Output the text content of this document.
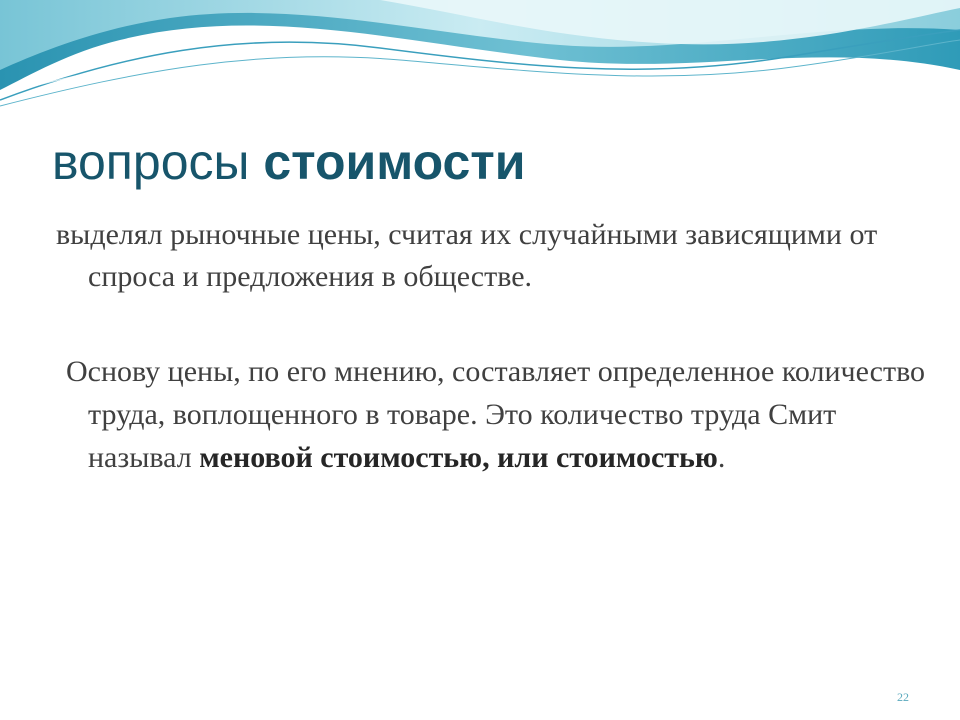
вопросы стоимости

выделял рыночные цены, считая их случайными зависящими от спроса и предложения в обществе.

Основу цены, по его мнению, составляет определенное количество труда, воплощенного в товаре. Это количество труда Смит называл меновой стоимостью, или стоимостью.

22
